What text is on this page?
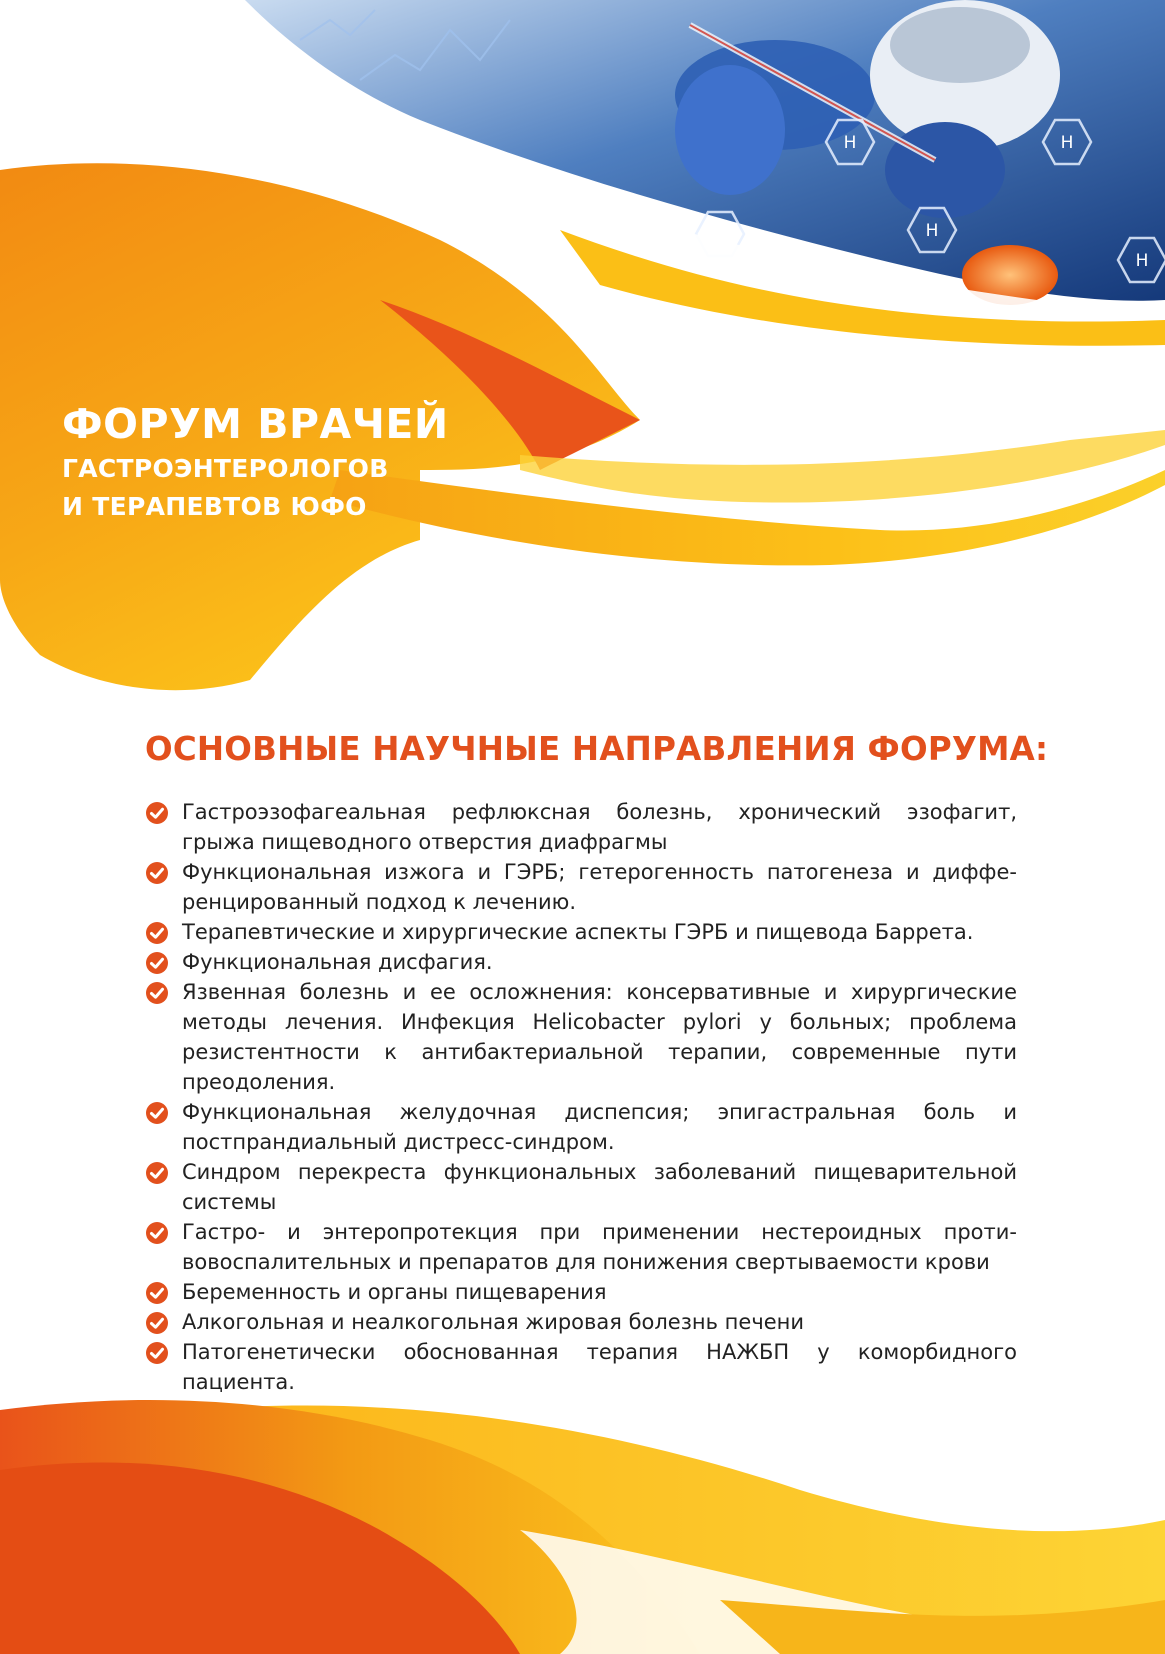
H	H
H	H
H

ФОРУМ ВРАЧЕЙ

ГАСТРОЭНТЕРОЛОГОВ

И ТЕРАПЕВТОВ ЮФО

ОСНОВНЫЕ НАУЧНЫЕ НАПРАВЛЕНИЯ ФОРУМА:
Гастроэзофагеальная рефлюксная болезнь, хронический эзофагит, грыжа пищеводного отверстия диафрагмы
Функциональная изжога и ГЭРБ; гетерогенность патогенеза и диффе-ренцированный подход к лечению.
Терапевтические и хирургические аспекты ГЭРБ и пищевода Баррета.
Функциональная дисфагия.
Язвенная болезнь и ее осложнения: консервативные и хирургические методы лечения. Инфекция Helicobacter pylori у больных; проблема резистентности к антибактериальной терапии, современные пути преодоления.
Функциональная желудочная диспепсия; эпигастральная боль и постпрандиальный дистресс-синдром.
Синдром перекреста функциональных заболеваний пищеварительной системы
Гастро- и энтеропротекция при применении нестероидных проти-вовоспалительных и препаратов для понижения свертываемости крови
Беременность и органы пищеварения
Алкогольная и неалкогольная жировая болезнь печени
Патогенетически обоснованная терапия НАЖБП у коморбидного пациента.
